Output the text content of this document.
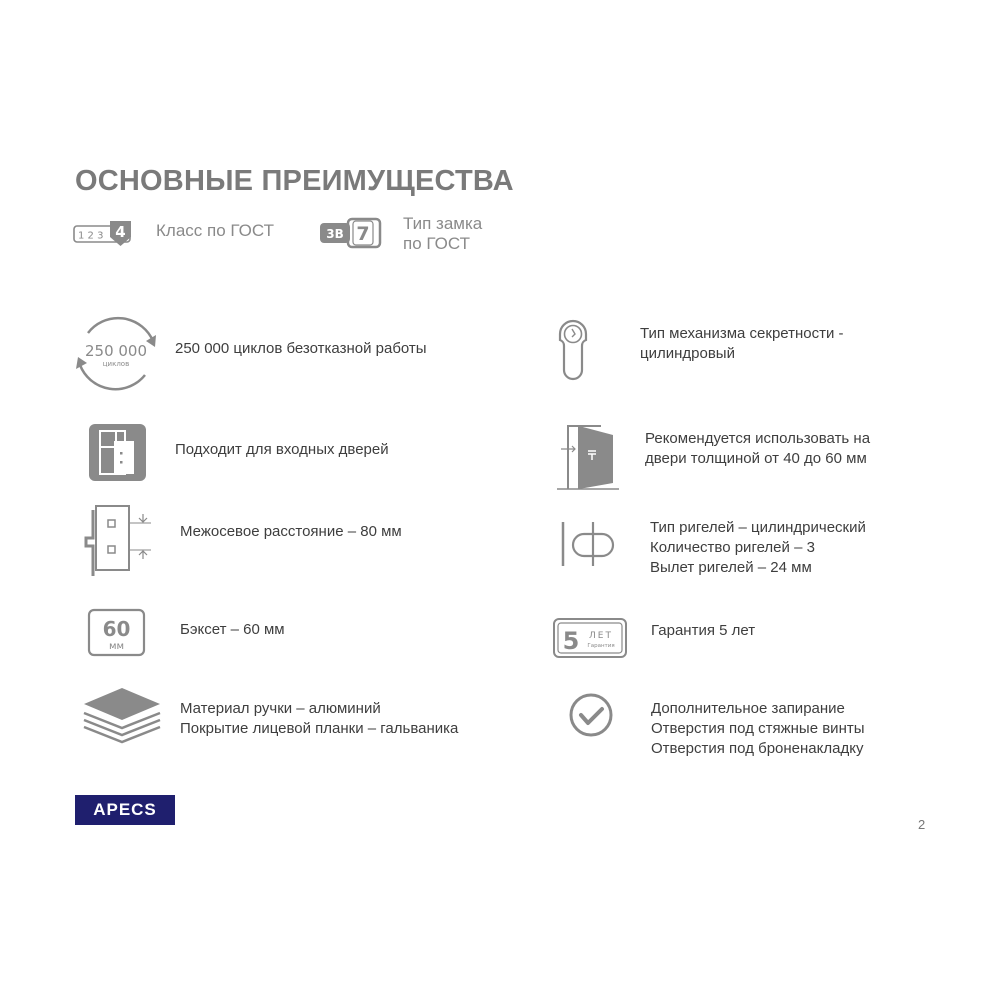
ОСНОВНЫЕ ПРЕИМУЩЕСТВА
1 2 3 4 Класс по ГОСТ	3В 7 Тип замка
по ГОСТ
250 000
циклов
250 000 циклов безотказной работы
Подходит для входных дверей
Межосевое расстояние – 80 мм
60
мм
Бэксет – 60 мм
Материал ручки – алюминий
Покрытие лицевой планки – гальваника
Тип механизма секретности -
цилиндровый
Рекомендуется использовать на
двери толщиной от 40 до 60 мм
Тип ригелей – цилиндрический
Количество ригелей – 3
Вылет ригелей – 24 мм
5 ЛЕТ
Гарантия
Гарантия 5 лет
Дополнительное запирание
Отверстия под стяжные винты
Отверстия под броненакладку
APECS
2
